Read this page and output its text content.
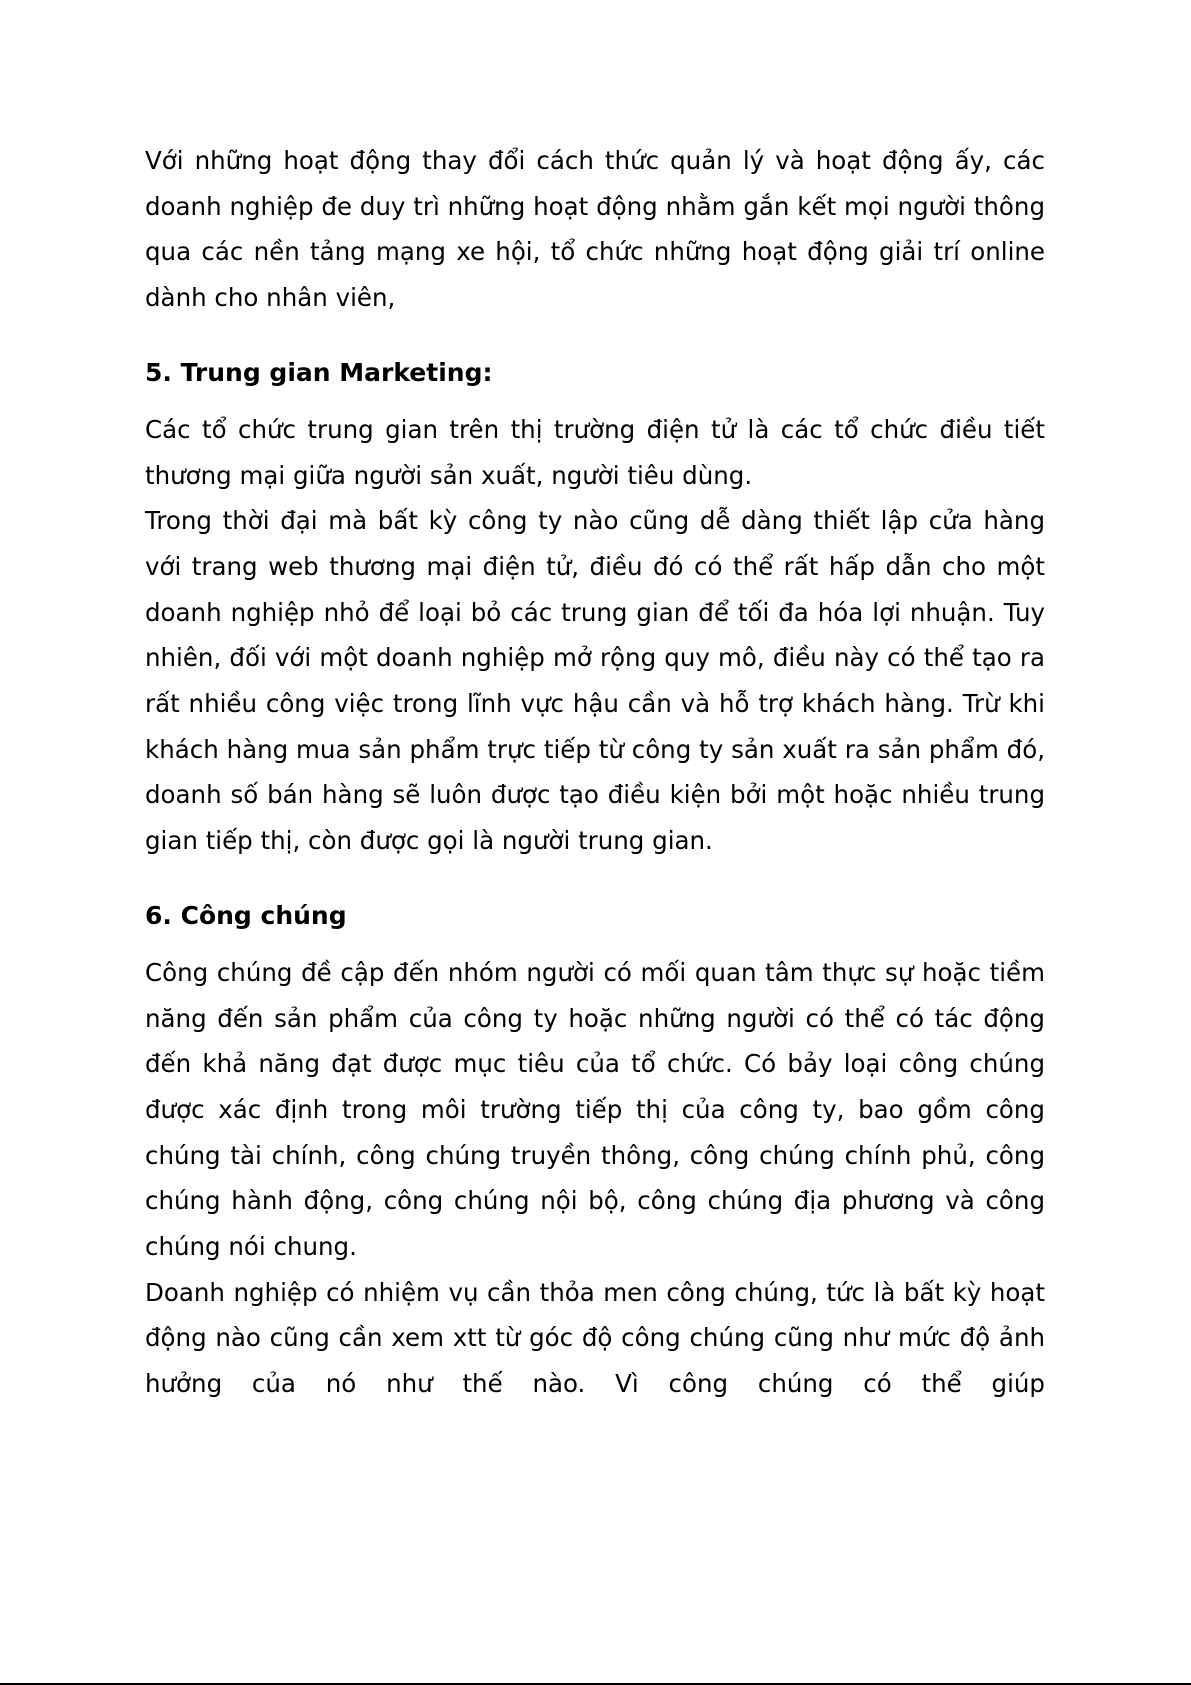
Với những hoạt động thay đổi cách thức quản lý và hoạt động ấy, các doanh nghiệp đe duy trì những hoạt động nhằm gắn kết mọi người thông qua các nền tảng mạng xe hội, tổ chức những hoạt động giải trí online dành cho nhân viên,

5. Trung gian Marketing:

Các tổ chức trung gian trên thị trường điện tử là các tổ chức điều tiết thương mại giữa người sản xuất, người tiêu dùng.

Trong thời đại mà bất kỳ công ty nào cũng dễ dàng thiết lập cửa hàng với trang web thương mại điện tử, điều đó có thể rất hấp dẫn cho một doanh nghiệp nhỏ để loại bỏ các trung gian để tối đa hóa lợi nhuận. Tuy nhiên, đối với một doanh nghiệp mở rộng quy mô, điều này có thể tạo ra rất nhiều công việc trong lĩnh vực hậu cần và hỗ trợ khách hàng. Trừ khi khách hàng mua sản phẩm trực tiếp từ công ty sản xuất ra sản phẩm đó, doanh số bán hàng sẽ luôn được tạo điều kiện bởi một hoặc nhiều trung gian tiếp thị, còn được gọi là người trung gian.

6. Công chúng

Công chúng đề cập đến nhóm người có mối quan tâm thực sự hoặc tiềm năng đến sản phẩm của công ty hoặc những người có thể có tác động đến khả năng đạt được mục tiêu của tổ chức. Có bảy loại công chúng được xác định trong môi trường tiếp thị của công ty, bao gồm công chúng tài chính, công chúng truyền thông, công chúng chính phủ, công chúng hành động, công chúng nội bộ, công chúng địa phương và công chúng nói chung.

Doanh nghiệp có nhiệm vụ cần thỏa men công chúng, tức là bất kỳ hoạt động nào cũng cần xem xtt từ góc độ công chúng cũng như mức độ ảnh hưởng của nó như thế nào. Vì công chúng có thể giúp
